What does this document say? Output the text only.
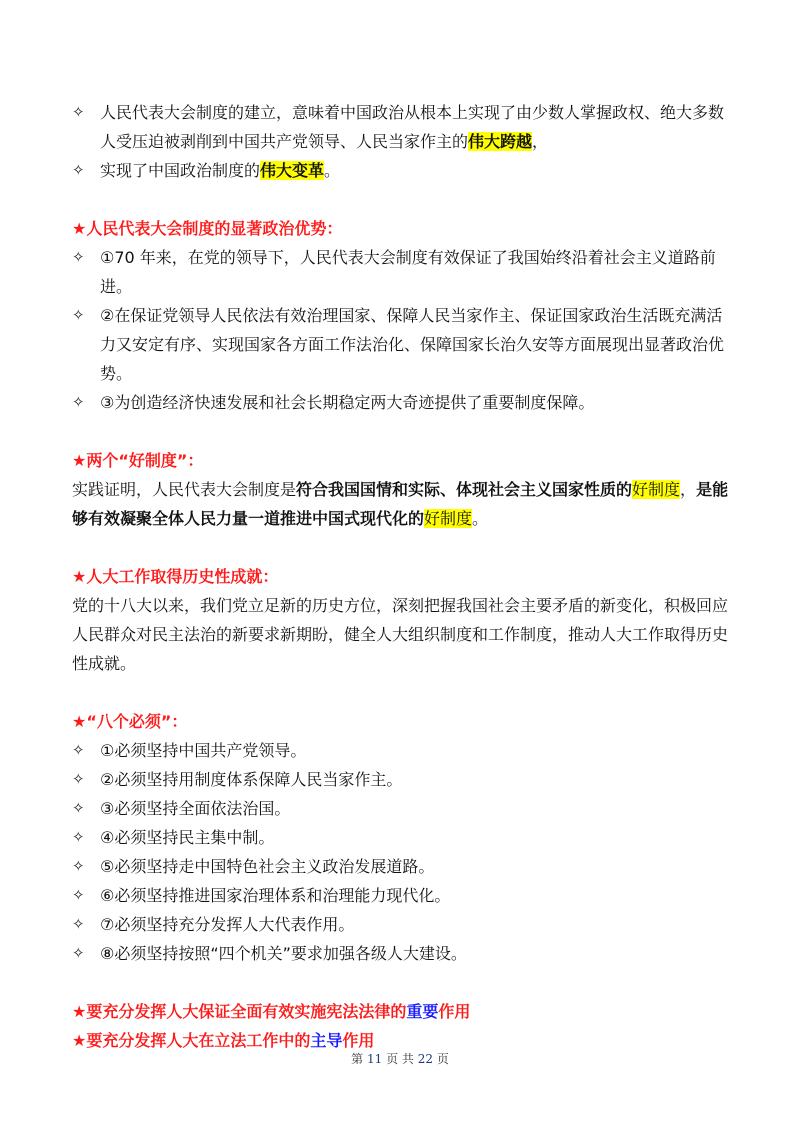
✧ 人民代表大会制度的建立，意味着中国政治从根本上实现了由少数人掌握政权、绝大多数人受压迫被剥削到中国共产党领导、人民当家作主的伟大跨越，
✧ 实现了中国政治制度的伟大变革。

★人民代表大会制度的显著政治优势：

✧ ①70 年来，在党的领导下，人民代表大会制度有效保证了我国始终沿着社会主义道路前进。
✧ ②在保证党领导人民依法有效治理国家、保障人民当家作主、保证国家政治生活既充满活力又安定有序、实现国家各方面工作法治化、保障国家长治久安等方面展现出显著政治优势。
✧ ③为创造经济快速发展和社会长期稳定两大奇迹提供了重要制度保障。

★两个“好制度”：

实践证明，人民代表大会制度是符合我国国情和实际、体现社会主义国家性质的好制度，是能够有效凝聚全体人民力量一道推进中国式现代化的好制度。

★人大工作取得历史性成就：

党的十八大以来，我们党立足新的历史方位，深刻把握我国社会主要矛盾的新变化，积极回应人民群众对民主法治的新要求新期盼，健全人大组织制度和工作制度，推动人大工作取得历史性成就。

★“八个必须”：

✧ ①必须坚持中国共产党领导。
✧ ②必须坚持用制度体系保障人民当家作主。
✧ ③必须坚持全面依法治国。
✧ ④必须坚持民主集中制。
✧ ⑤必须坚持走中国特色社会主义政治发展道路。
✧ ⑥必须坚持推进国家治理体系和治理能力现代化。
✧ ⑦必须坚持充分发挥人大代表作用。
✧ ⑧必须坚持按照“四个机关”要求加强各级人大建设。

★要充分发挥人大保证全面有效实施宪法法律的重要作用

★要充分发挥人大在立法工作中的主导作用

第 11 页 共 22 页
